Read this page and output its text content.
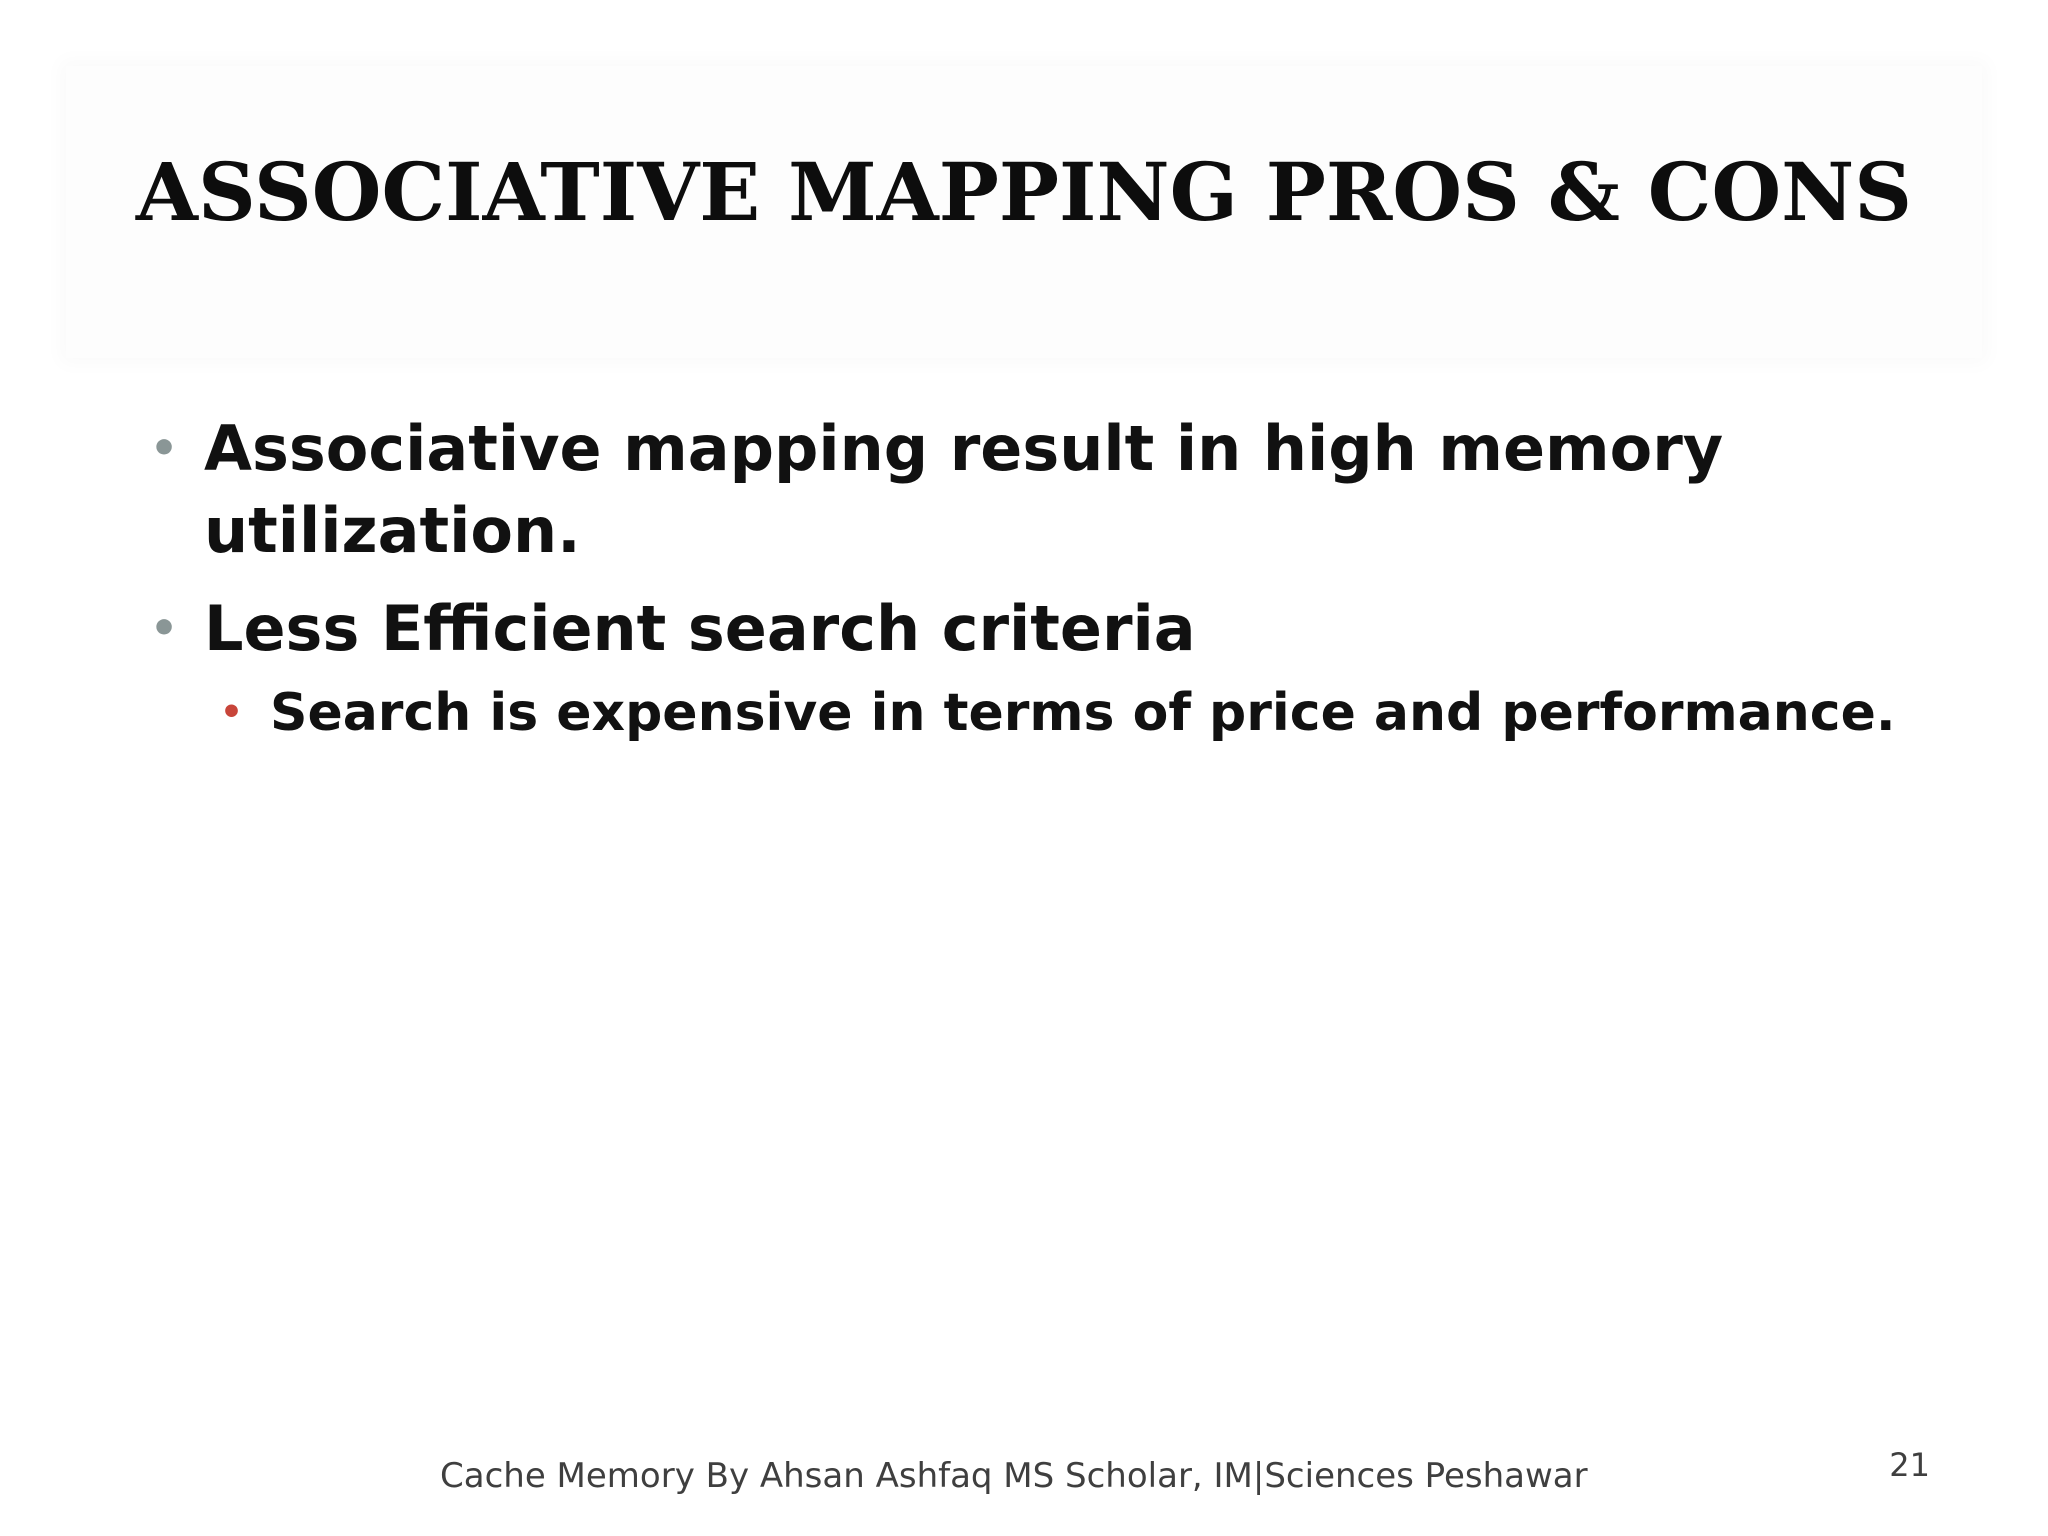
ASSOCIATIVE MAPPING PROS & CONS
• Associative mapping result in high memory utilization.
• Less Efficient search criteria
• Search is expensive in terms of price and performance.
Cache Memory By Ahsan Ashfaq MS Scholar, IM|Sciences Peshawar	21
